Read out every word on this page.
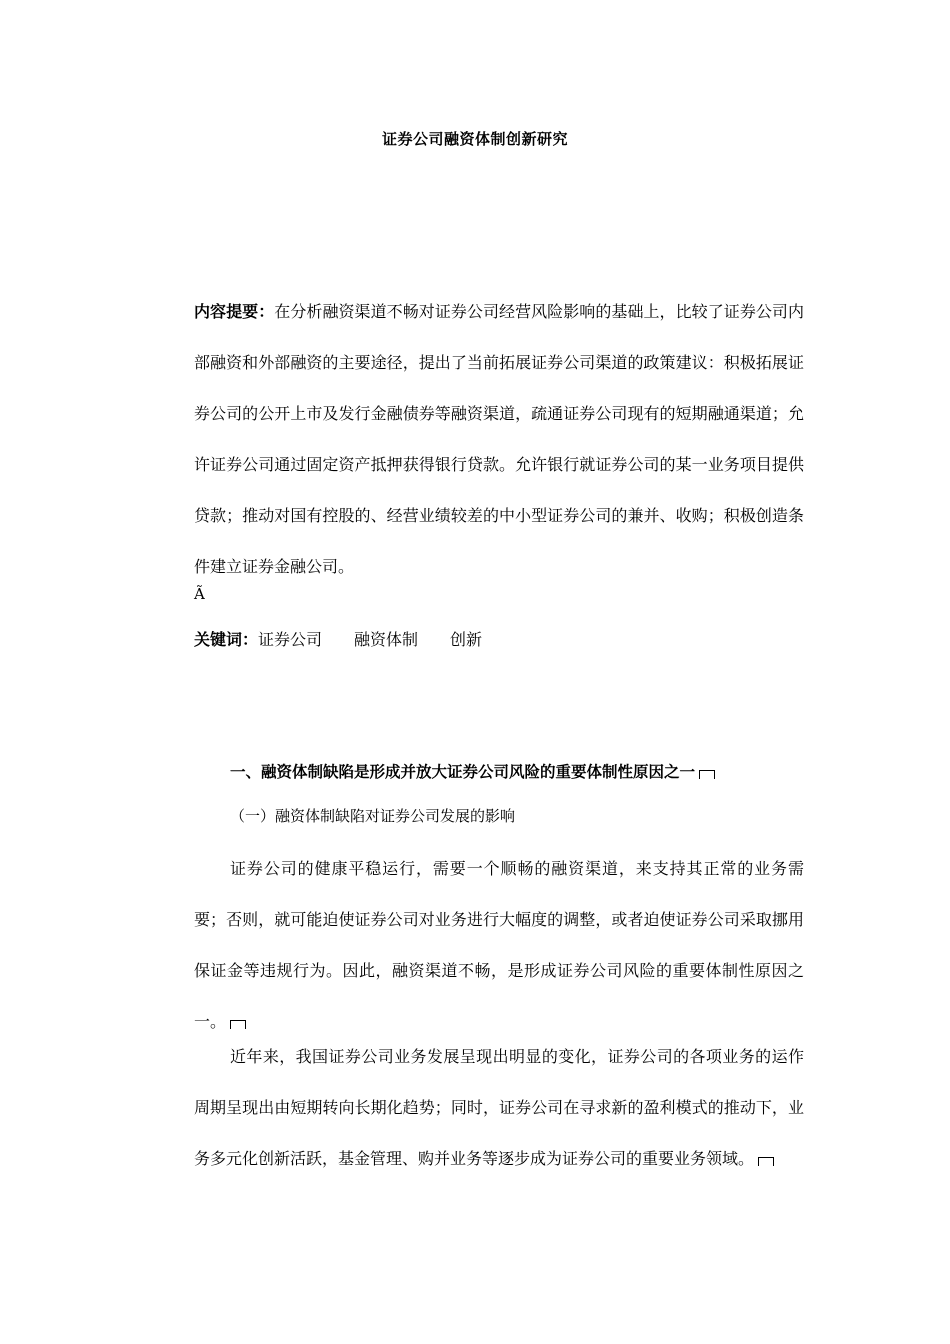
证券公司融资体制创新研究
内容提要：在分析融资渠道不畅对证券公司经营风险影响的基础上，比较了证券公司内部融资和外部融资的主要途径，提出了当前拓展证券公司渠道的政策建议：积极拓展证券公司的公开上市及发行金融债券等融资渠道，疏通证券公司现有的短期融通渠道；允许证券公司通过固定资产抵押获得银行贷款。允许银行就证券公司的某一业务项目提供贷款；推动对国有控股的、经营业绩较差的中小型证券公司的兼并、收购；积极创造条件建立证券金融公司。
Ã
关键词：证券公司 融资体制 创新
一、融资体制缺陷是形成并放大证券公司风险的重要体制性原因之一
（一）融资体制缺陷对证券公司发展的影响
证券公司的健康平稳运行，需要一个顺畅的融资渠道，来支持其正常的业务需要；否则，就可能迫使证券公司对业务进行大幅度的调整，或者迫使证券公司采取挪用保证金等违规行为。因此，融资渠道不畅，是形成证券公司风险的重要体制性原因之一。
近年来，我国证券公司业务发展呈现出明显的变化，证券公司的各项业务的运作周期呈现出由短期转向长期化趋势；同时，证券公司在寻求新的盈利模式的推动下，业务多元化创新活跃，基金管理、购并业务等逐步成为证券公司的重要业务领域。
